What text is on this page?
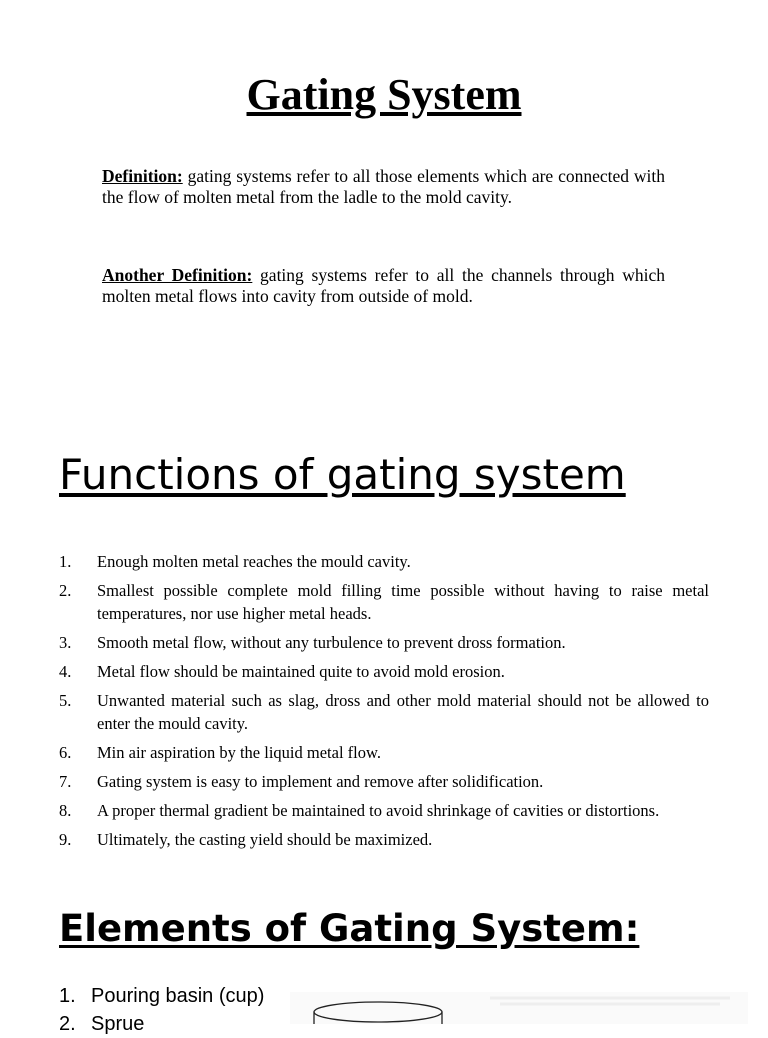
Gating System
Definition: gating systems refer to all those elements which are connected with the flow of molten metal from the ladle to the mold cavity.
Another Definition: gating systems refer to all the channels through which molten metal flows into cavity from outside of mold.
Functions of gating system
1. Enough molten metal reaches the mould cavity.
2. Smallest possible complete mold filling time possible without having to raise metal temperatures, nor use higher metal heads.
3. Smooth metal flow, without any turbulence to prevent dross formation.
4. Metal flow should be maintained quite to avoid mold erosion.
5. Unwanted material such as slag, dross and other mold material should not be allowed to enter the mould cavity.
6. Min air aspiration by the liquid metal flow.
7. Gating system is easy to implement and remove after solidification.
8. A proper thermal gradient be maintained to avoid shrinkage of cavities or distortions.
9. Ultimately, the casting yield should be maximized.
Elements of Gating System:
1. Pouring basin (cup)
2. Sprue
